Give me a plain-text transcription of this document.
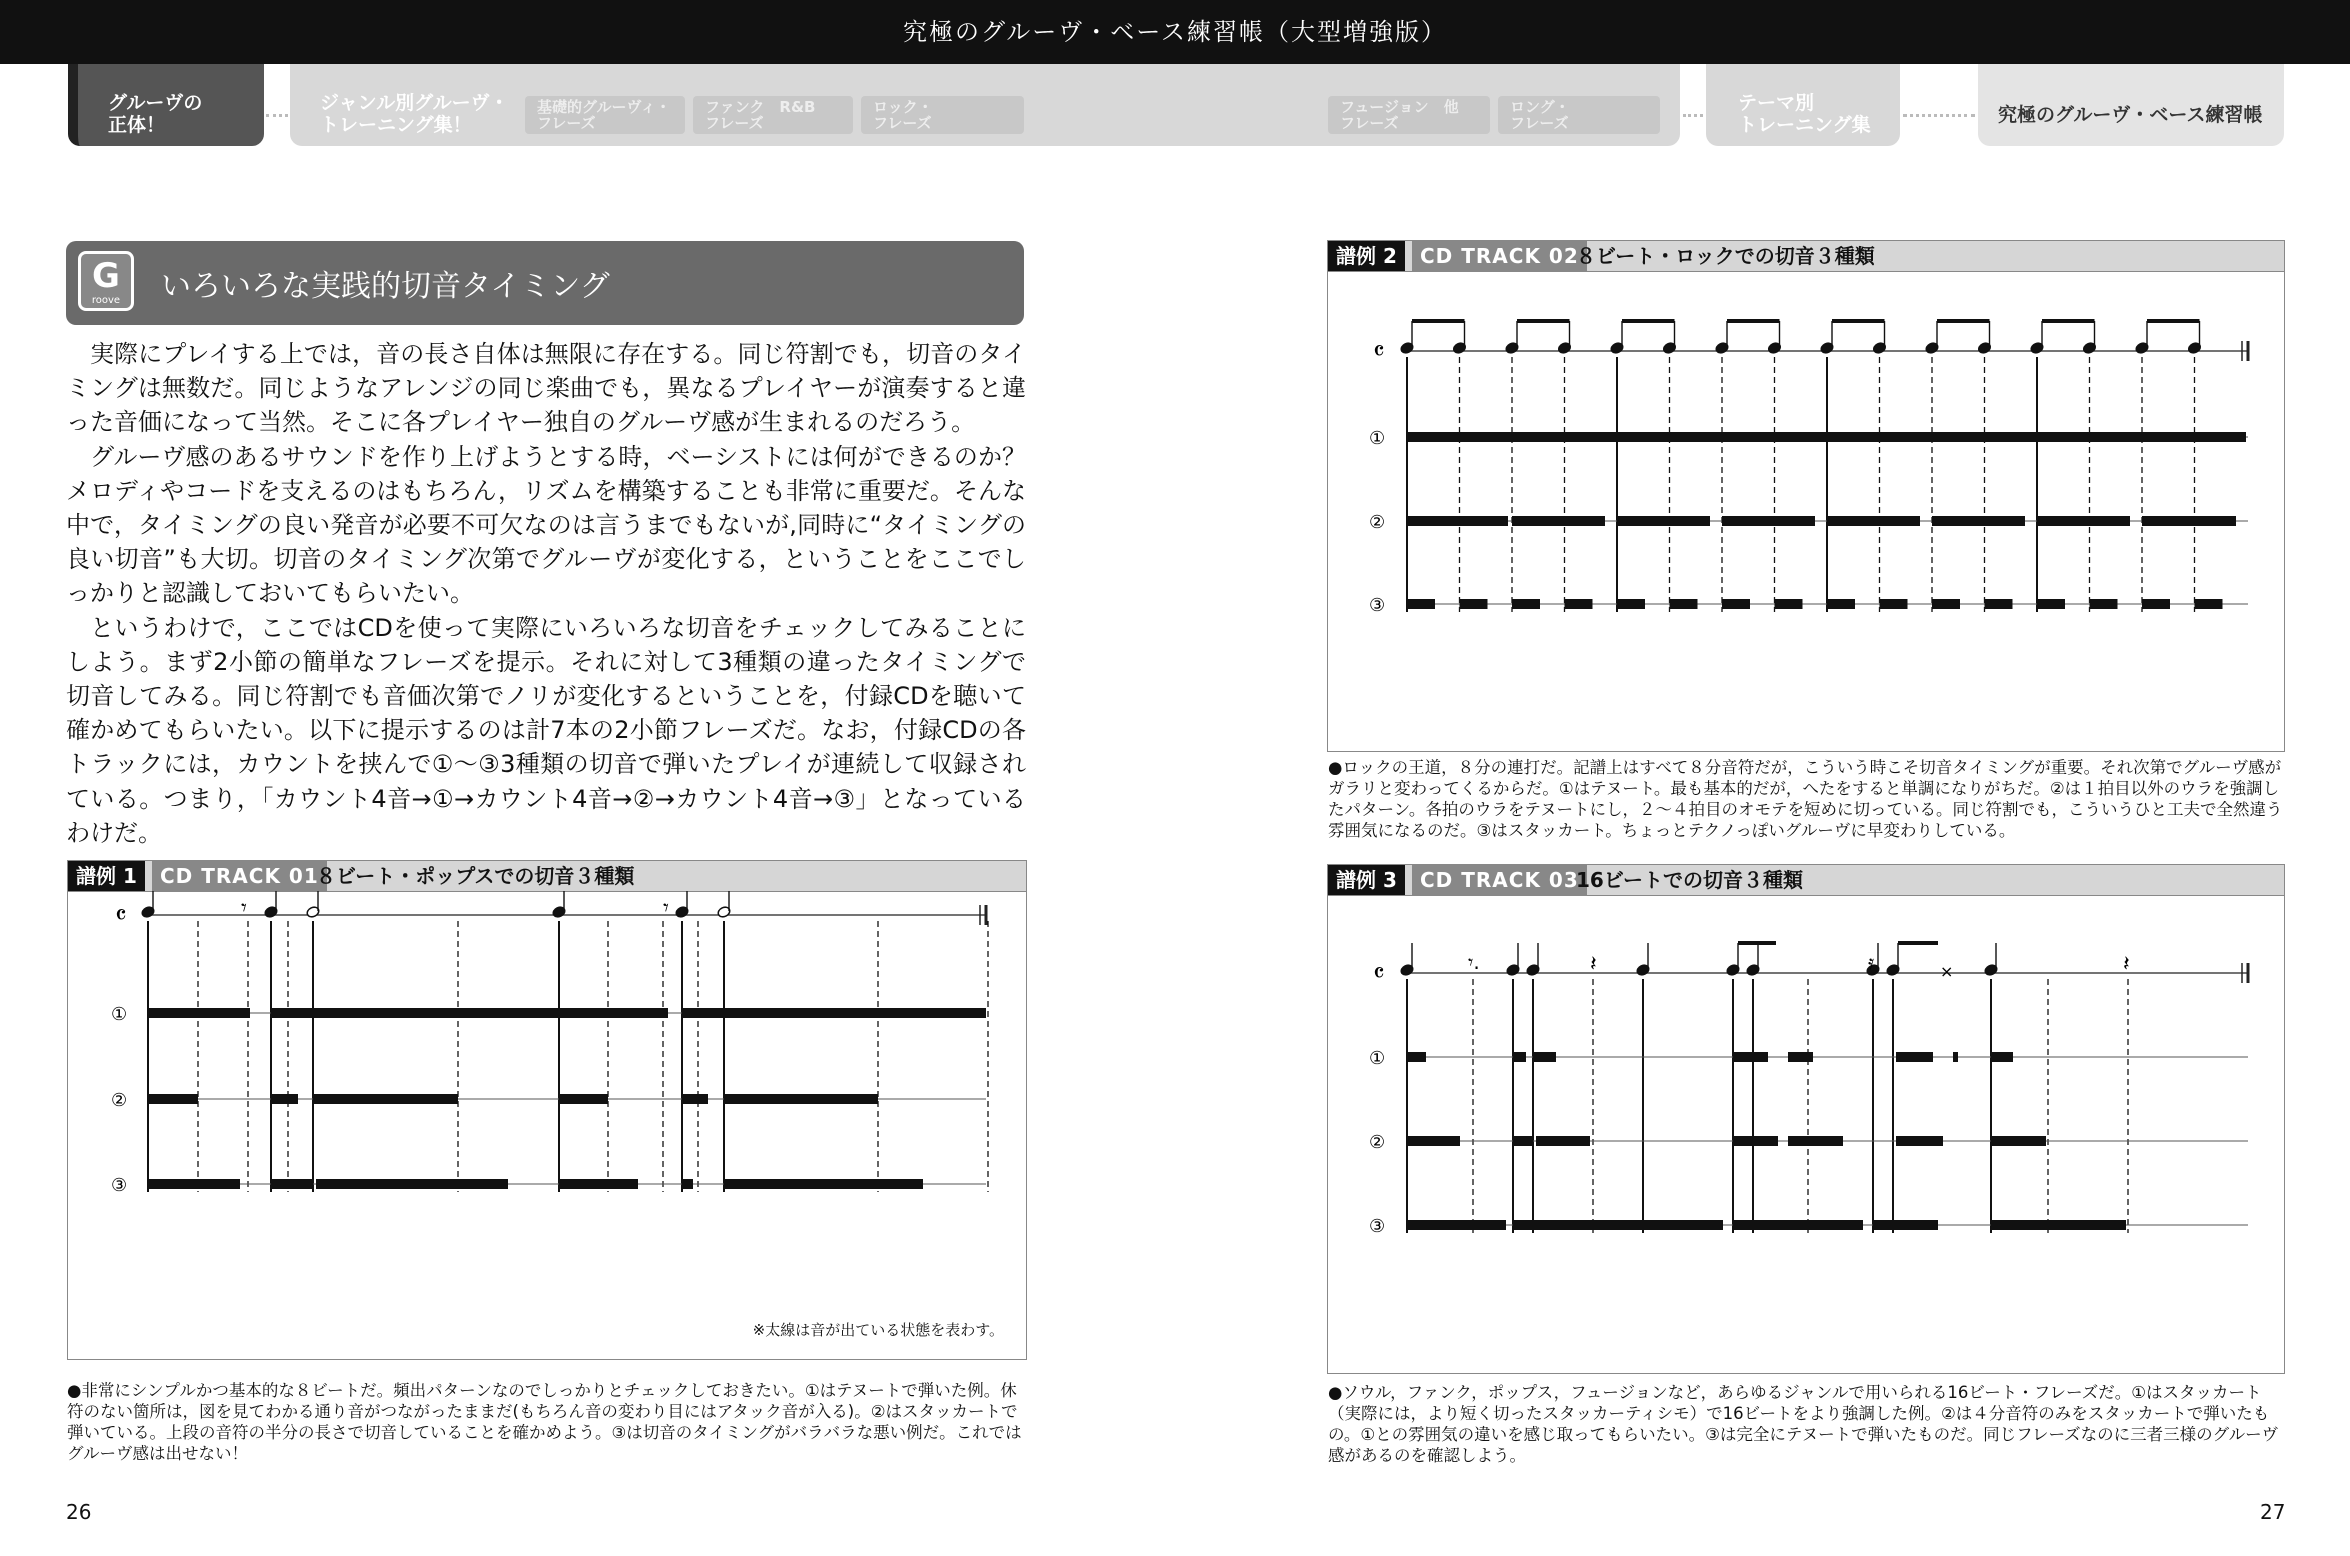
究極のグルーヴ・ベース練習帳（大型増強版）
グルーヴの
正体！
ジャンル別グルーヴ・
トレーニング集！
基礎的グルーヴィ・
フレーズ
ファンク　R&B
フレーズ
ロック・
フレーズ
フュージョン　他
フレーズ
ロング・
フレーズ
テーマ別
トレーニング集	究極のグルーヴ・ベース練習帳
G
roove	いろいろな実践的切音タイミング

実際にプレイする上では，音の長さ自体は無限に存在する。同じ符割でも，切音のタイミングは無数だ。同じようなアレンジの同じ楽曲でも，異なるプレイヤーが演奏すると違った音価になって当然。そこに各プレイヤー独自のグルーヴ感が生まれるのだろう。

グルーヴ感のあるサウンドを作り上げようとする時，ベーシストには何ができるのか？　メロディやコードを支えるのはもちろん，リズムを構築することも非常に重要だ。そんな中で，タイミングの良い発音が必要不可欠なのは言うまでもないが,同時に“タイミングの良い切音”も大切。切音のタイミング次第でグルーヴが変化する，ということをここでしっかりと認識しておいてもらいたい。

というわけで，ここではCDを使って実際にいろいろな切音をチェックしてみることにしよう。まず2小節の簡単なフレーズを提示。それに対して3種類の違ったタイミングで切音してみる。同じ符割でも音価次第でノリが変化するということを，付録CDを聴いて確かめてもらいたい。以下に提示するのは計7本の2小節フレーズだ。なお，付録CDの各トラックには，カウントを挟んで①〜③3種類の切音で弾いたプレイが連続して収録されている。つまり，「カウント4音→①→カウント4音→②→カウント4音→③」となっているわけだ。

譜例 1	CD TRACK 01
８ビート・ポップスでの切音３種類
𝄴	𝄾	𝄾
①
②
③
※太線は音が出ている状態を表わす。

●非常にシンプルかつ基本的な８ビートだ。頻出パターンなのでしっかりとチェックしておきたい。①はテヌートで弾いた例。休符のない箇所は，図を見てわかる通り音がつながったままだ(もちろん音の変わり目にはアタック音が入る)。②はスタッカートで弾いている。上段の音符の半分の長さで切音していることを確かめよう。③は切音のタイミングがバラバラな悪い例だ。これではグルーヴ感は出せない！

譜例 2	CD TRACK 02
８ビート・ロックでの切音３種類
𝄴
①
②
③

●ロックの王道，８分の連打だ。記譜上はすべて８分音符だが，こういう時こそ切音タイミングが重要。それ次第でグルーヴ感がガラリと変わってくるからだ。①はテヌート。最も基本的だが，へたをすると単調になりがちだ。②は１拍目以外のウラを強調したパターン。各拍のウラをテヌートにし，２〜４拍目のオモテを短めに切っている。同じ符割でも，こういうひと工夫で全然違う雰囲気になるのだ。③はスタッカート。ちょっとテクノっぽいグルーヴに早変わりしている。

譜例 3	CD TRACK 03
16ビートでの切音３種類
𝄴	𝄾.	𝄿
𝄽	𝄽
×
①
②
③

●ソウル，ファンク，ポップス，フュージョンなど，あらゆるジャンルで用いられる16ビート・フレーズだ。①はスタッカート（実際には，より短く切ったスタッカーティシモ）で16ビートをより強調した例。②は４分音符のみをスタッカートで弾いたもの。①との雰囲気の違いを感じ取ってもらいたい。③は完全にテヌートで弾いたものだ。同じフレーズなのに三者三様のグルーヴ感があるのを確認しよう。

26	27
